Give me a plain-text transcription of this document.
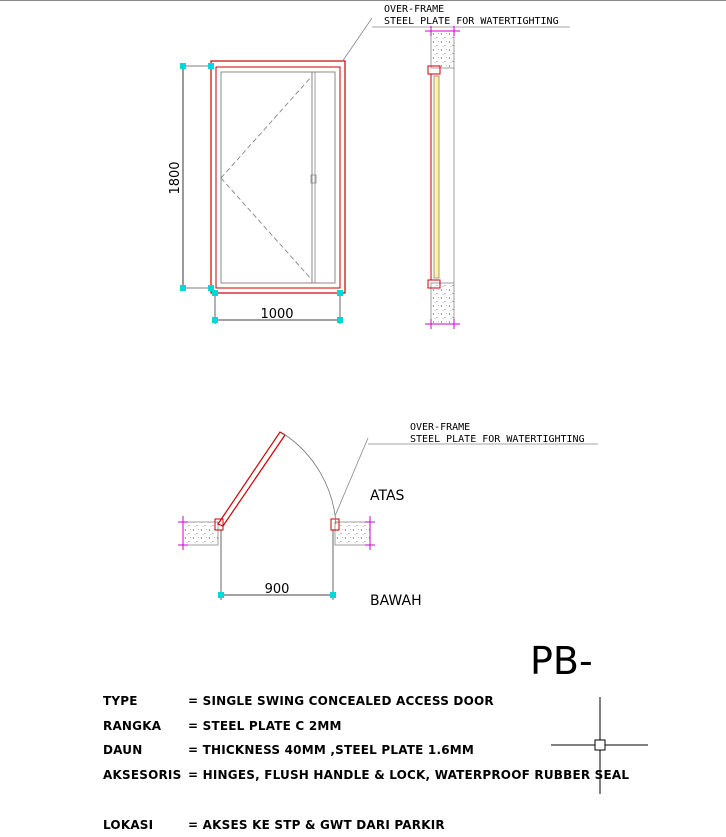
1800
1000
OVER-FRAME
STEEL PLATE FOR WATERTIGHTING
900
ATAS
BAWAH
OVER-FRAME
STEEL PLATE FOR WATERTIGHTING
PB-
TYPE	= SINGLE SWING CONCEALED ACCESS DOOR
RANGKA = STEEL PLATE C 2MM
DAUN	= THICKNESS 40MM ,STEEL PLATE 1.6MM
AKSESORIS = HINGES, FLUSH HANDLE & LOCK, WATERPROOF RUBBER SEAL
LOKASI	= AKSES KE STP & GWT DARI PARKIR
